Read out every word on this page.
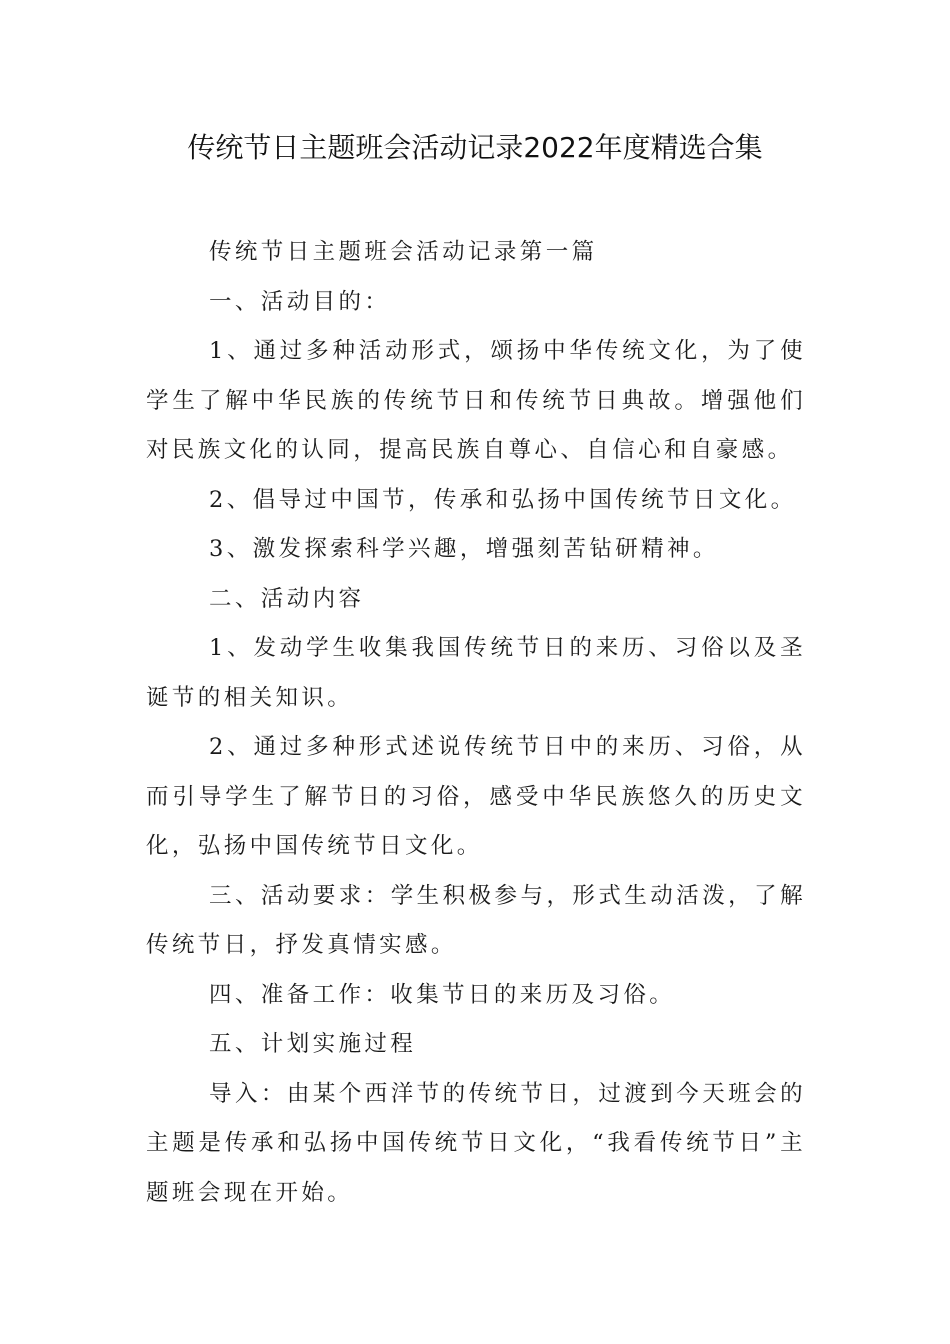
传统节日主题班会活动记录2022年度精选合集

传统节日主题班会活动记录第一篇

一、活动目的：

1、通过多种活动形式，颂扬中华传统文化，为了使学生了解中华民族的传统节日和传统节日典故。增强他们对民族文化的认同，提高民族自尊心、自信心和自豪感。

2、倡导过中国节，传承和弘扬中国传统节日文化。

3、激发探索科学兴趣，增强刻苦钻研精神。

二、活动内容

1、发动学生收集我国传统节日的来历、习俗以及圣诞节的相关知识。

2、通过多种形式述说传统节日中的来历、习俗，从而引导学生了解节日的习俗，感受中华民族悠久的历史文化，弘扬中国传统节日文化。

三、活动要求：学生积极参与，形式生动活泼，了解传统节日，抒发真情实感。

四、准备工作：收集节日的来历及习俗。

五、计划实施过程

导入：由某个西洋节的传统节日，过渡到今天班会的主题是传承和弘扬中国传统节日文化，“我看传统节日”主题班会现在开始。
